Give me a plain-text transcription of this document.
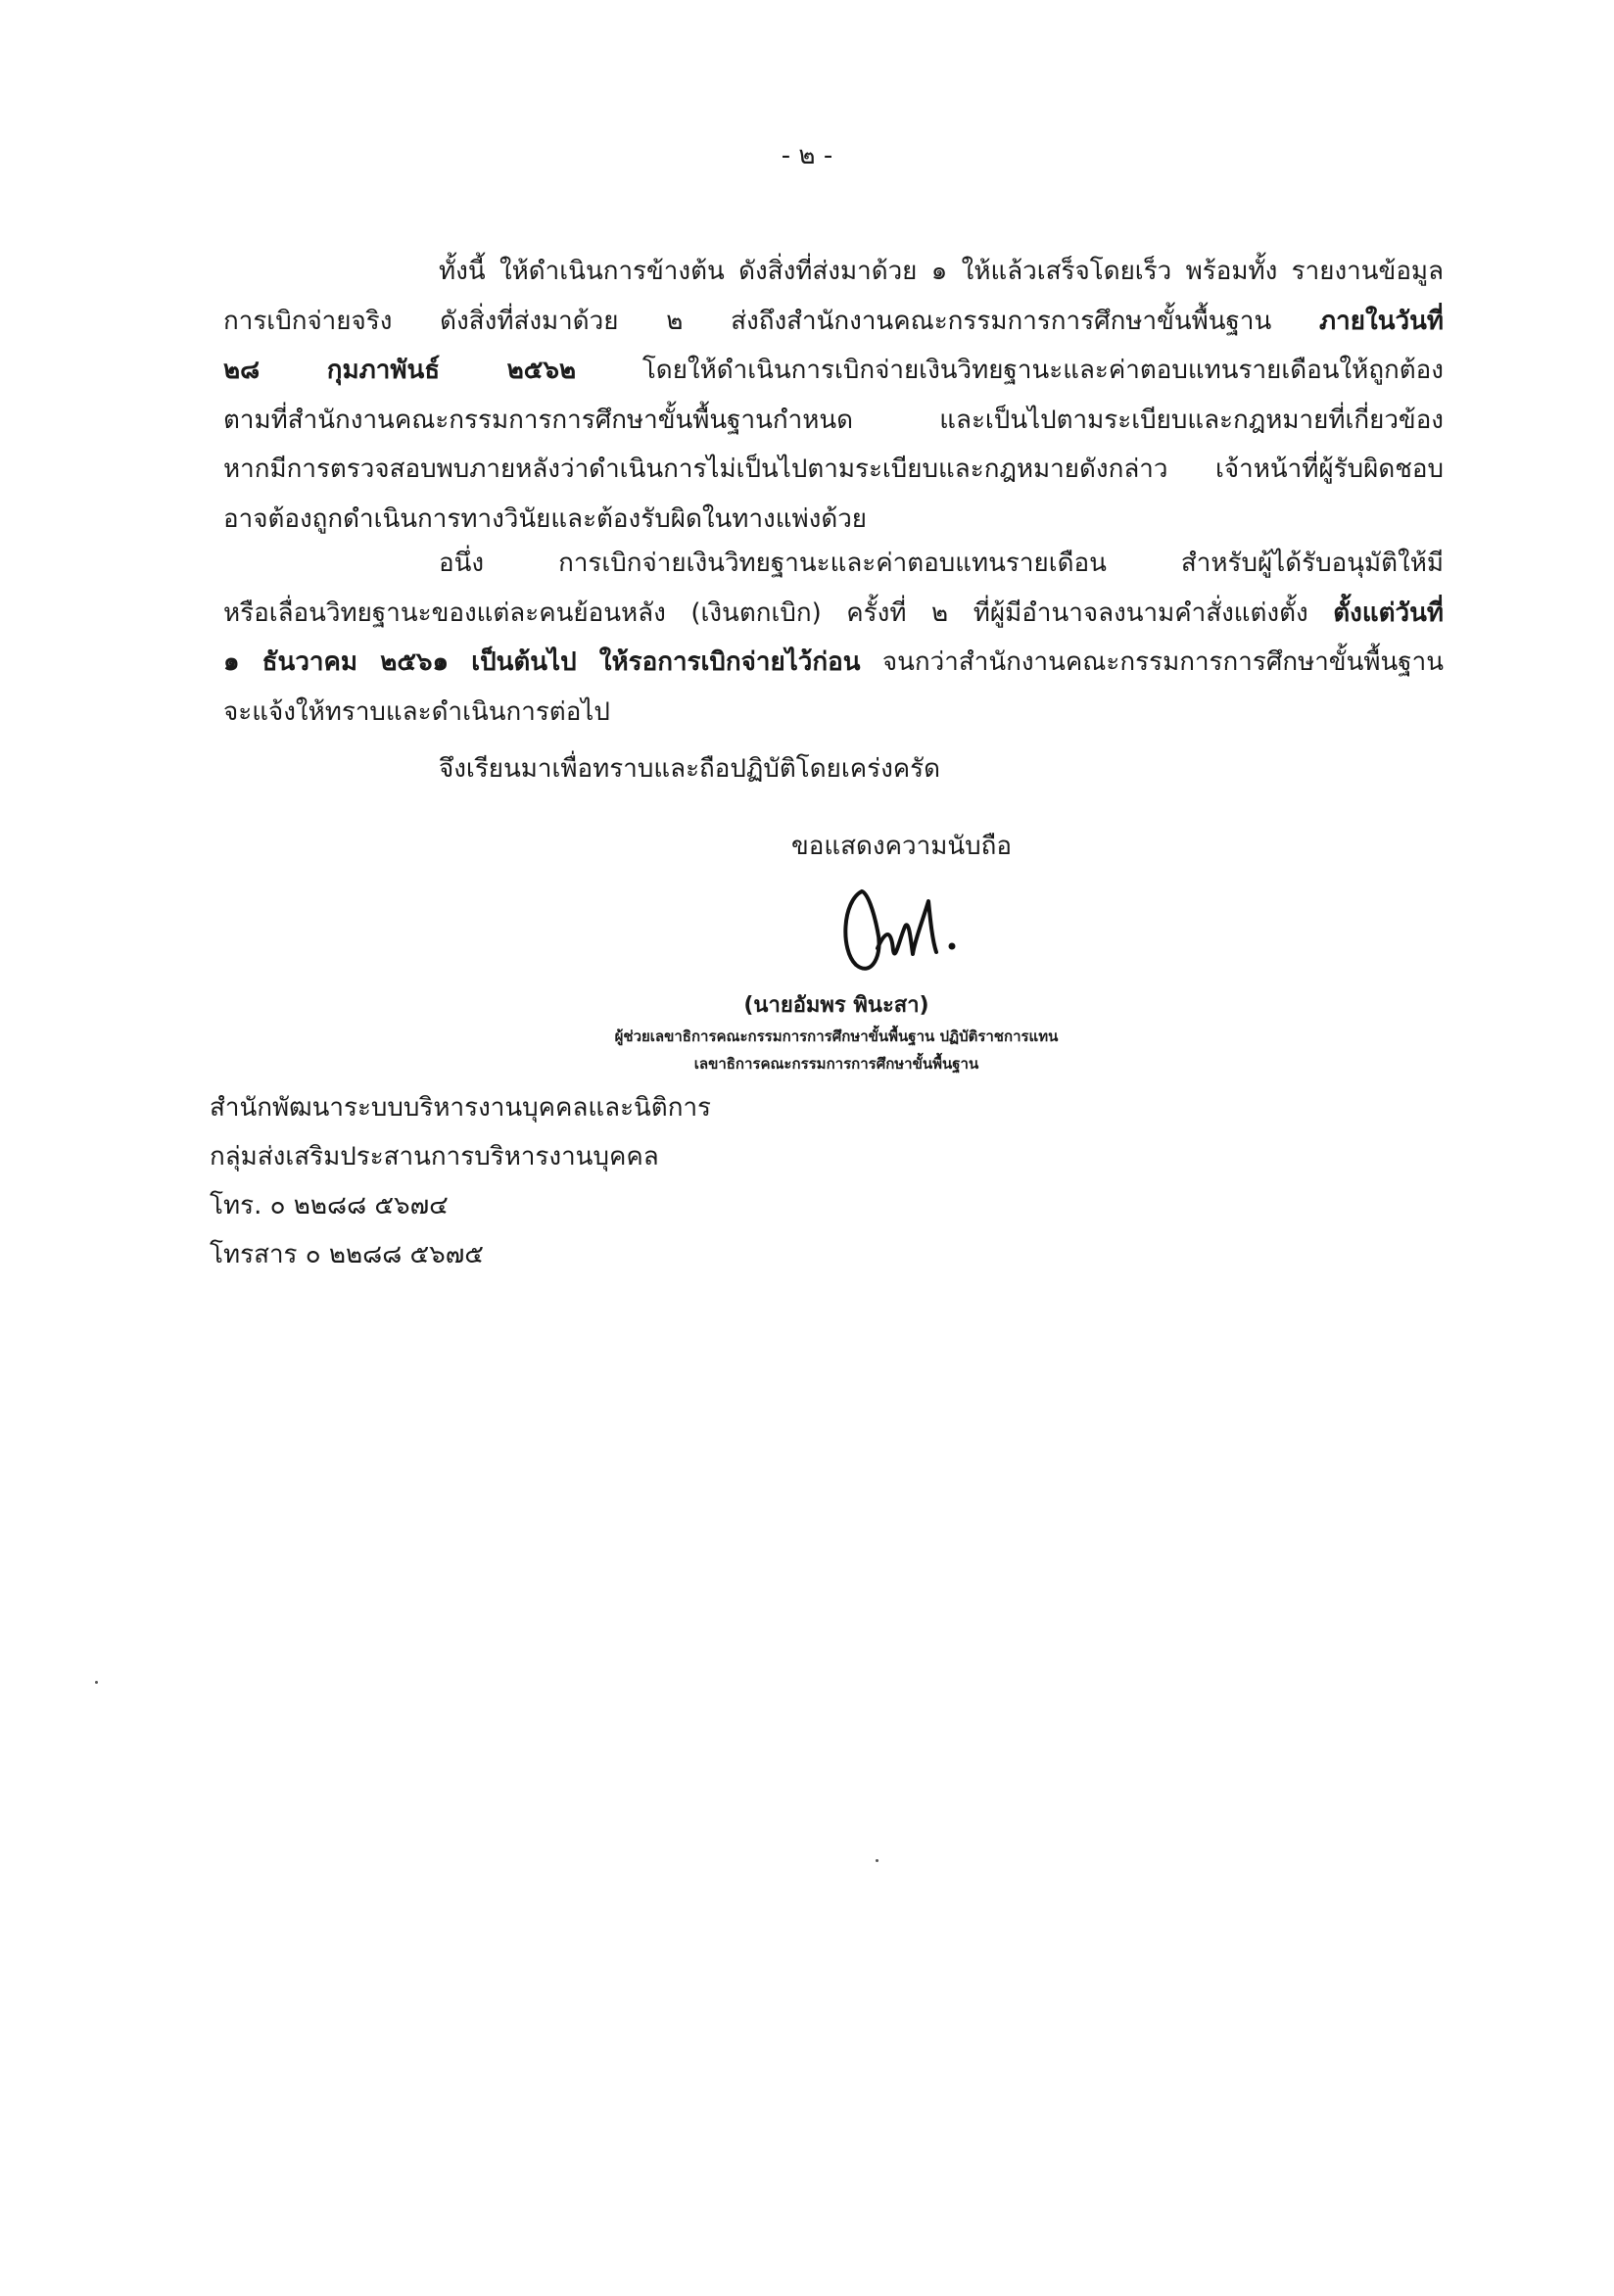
- ๒ -
ทั้งนี้ ให้ดำเนินการข้างต้น ดังสิ่งที่ส่งมาด้วย ๑ ให้แล้วเสร็จโดยเร็ว พร้อมทั้ง รายงานข้อมูล
การเบิกจ่ายจริง ดังสิ่งที่ส่งมาด้วย ๒ ส่งถึงสำนักงานคณะกรรมการการศึกษาขั้นพื้นฐาน ภายในวันที่
๒๘ กุมภาพันธ์ ๒๕๖๒ โดยให้ดำเนินการเบิกจ่ายเงินวิทยฐานะและค่าตอบแทนรายเดือนให้ถูกต้อง
ตามที่สำนักงานคณะกรรมการการศึกษาขั้นพื้นฐานกำหนด และเป็นไปตามระเบียบและกฎหมายที่เกี่ยวข้อง
หากมีการตรวจสอบพบภายหลังว่าดำเนินการไม่เป็นไปตามระเบียบและกฎหมายดังกล่าว เจ้าหน้าที่ผู้รับผิดชอบ
อาจต้องถูกดำเนินการทางวินัยและต้องรับผิดในทางแพ่งด้วย
อนึ่ง การเบิกจ่ายเงินวิทยฐานะและค่าตอบแทนรายเดือน สำหรับผู้ได้รับอนุมัติให้มี
หรือเลื่อนวิทยฐานะของแต่ละคนย้อนหลัง (เงินตกเบิก) ครั้งที่ ๒ ที่ผู้มีอำนาจลงนามคำสั่งแต่งตั้ง ตั้งแต่วันที่
๑ ธันวาคม ๒๕๖๑ เป็นต้นไป ให้รอการเบิกจ่ายไว้ก่อน จนกว่าสำนักงานคณะกรรมการการศึกษาขั้นพื้นฐาน
จะแจ้งให้ทราบและดำเนินการต่อไป
จึงเรียนมาเพื่อทราบและถือปฏิบัติโดยเคร่งครัด
ขอแสดงความนับถือ
(นายอัมพร พินะสา)
ผู้ช่วยเลขาธิการคณะกรรมการการศึกษาขั้นพื้นฐาน ปฏิบัติราชการแทน
เลขาธิการคณะกรรมการการศึกษาขั้นพื้นฐาน
สำนักพัฒนาระบบบริหารงานบุคคลและนิติการ
กลุ่มส่งเสริมประสานการบริหารงานบุคคล
โทร. ๐ ๒๒๘๘ ๕๖๗๔
โทรสาร ๐ ๒๒๘๘ ๕๖๗๕
